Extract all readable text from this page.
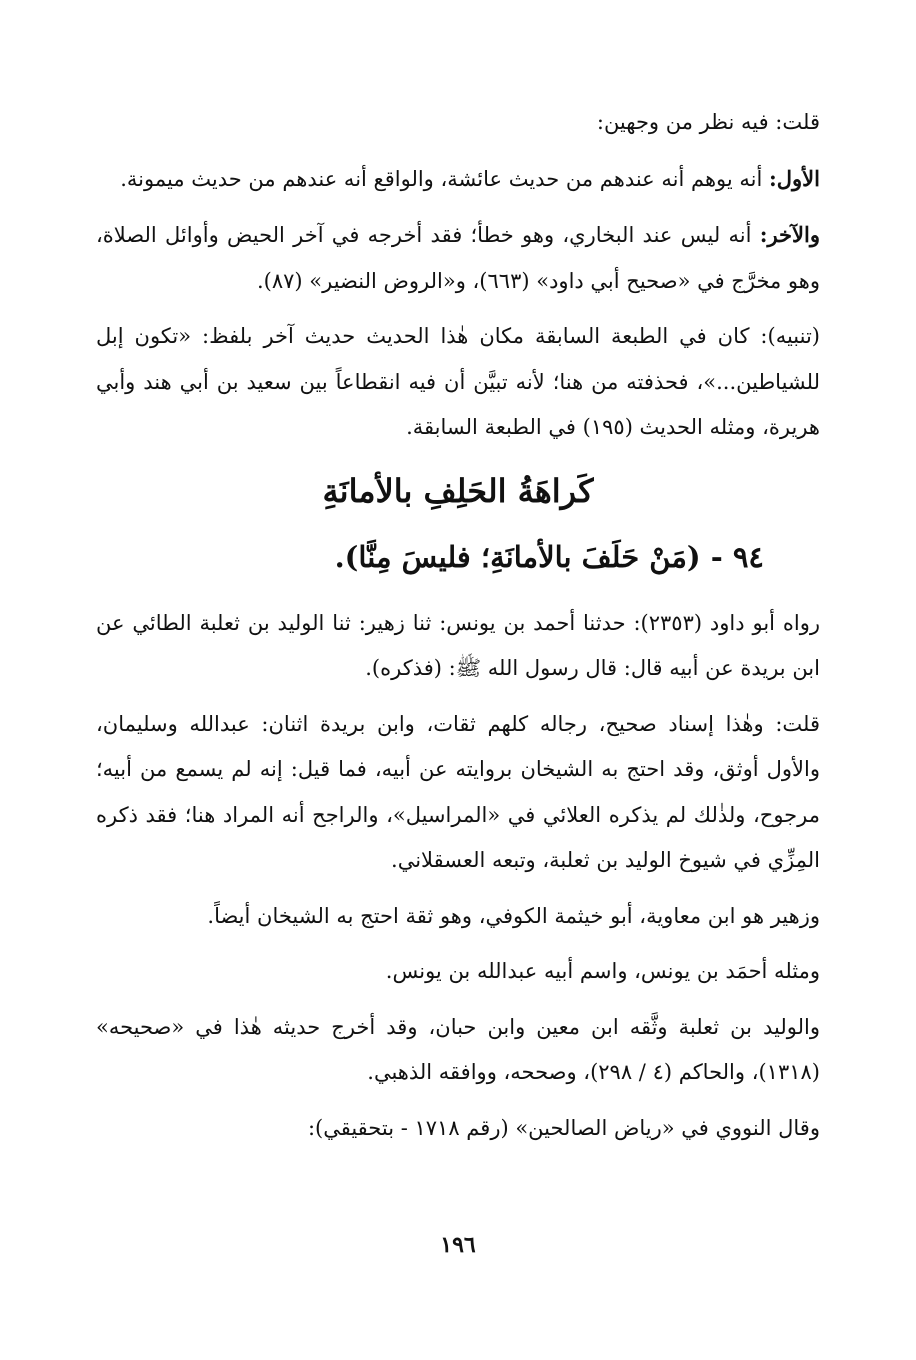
قلت: فيه نظر من وجهين:

الأول: أنه يوهم أنه عندهم من حديث عائشة، والواقع أنه عندهم من حديث ميمونة.

والآخر: أنه ليس عند البخاري، وهو خطأ؛ فقد أخرجه في آخر الحيض وأوائل الصلاة، وهو مخرَّج في «صحيح أبي داود» (٦٦٣)، و«الروض النضير» (٨٧).

(تنبيه): كان في الطبعة السابقة مكان هٰذا الحديث حديث آخر بلفظ: «تكون إبل للشياطين...»، فحذفته من هنا؛ لأنه تبيَّن أن فيه انقطاعاً بين سعيد بن أبي هند وأبي هريرة، ومثله الحديث (١٩٥) في الطبعة السابقة.

كَراهَةُ الحَلِفِ بالأمانَةِ
٩٤ - (مَنْ حَلَفَ بالأمانَةِ؛ فليسَ مِنَّا).

رواه أبو داود (٢٣٥٣): حدثنا أحمد بن يونس: ثنا زهير: ثنا الوليد بن ثعلبة الطائي عن ابن بريدة عن أبيه قال: قال رسول الله ﷺ: (فذكره).

قلت: وهٰذا إسناد صحيح، رجاله كلهم ثقات، وابن بريدة اثنان: عبدالله وسليمان، والأول أوثق، وقد احتج به الشيخان بروايته عن أبيه، فما قيل: إنه لم يسمع من أبيه؛ مرجوح، ولذٰلك لم يذكره العلائي في «المراسيل»، والراجح أنه المراد هنا؛ فقد ذكره المِزِّي في شيوخ الوليد بن ثعلبة، وتبعه العسقلاني.

وزهير هو ابن معاوية، أبو خيثمة الكوفي، وهو ثقة احتج به الشيخان أيضاً.

ومثله أحمَد بن يونس، واسم أبيه عبدالله بن يونس.

والوليد بن ثعلبة وثَّقه ابن معين وابن حبان، وقد أخرج حديثه هٰذا في «صحيحه» (١٣١٨)، والحاكم (٤ / ٢٩٨)، وصححه، ووافقه الذهبي.

وقال النووي في «رياض الصالحين» (رقم ١٧١٨ - بتحقيقي):

١٩٦
